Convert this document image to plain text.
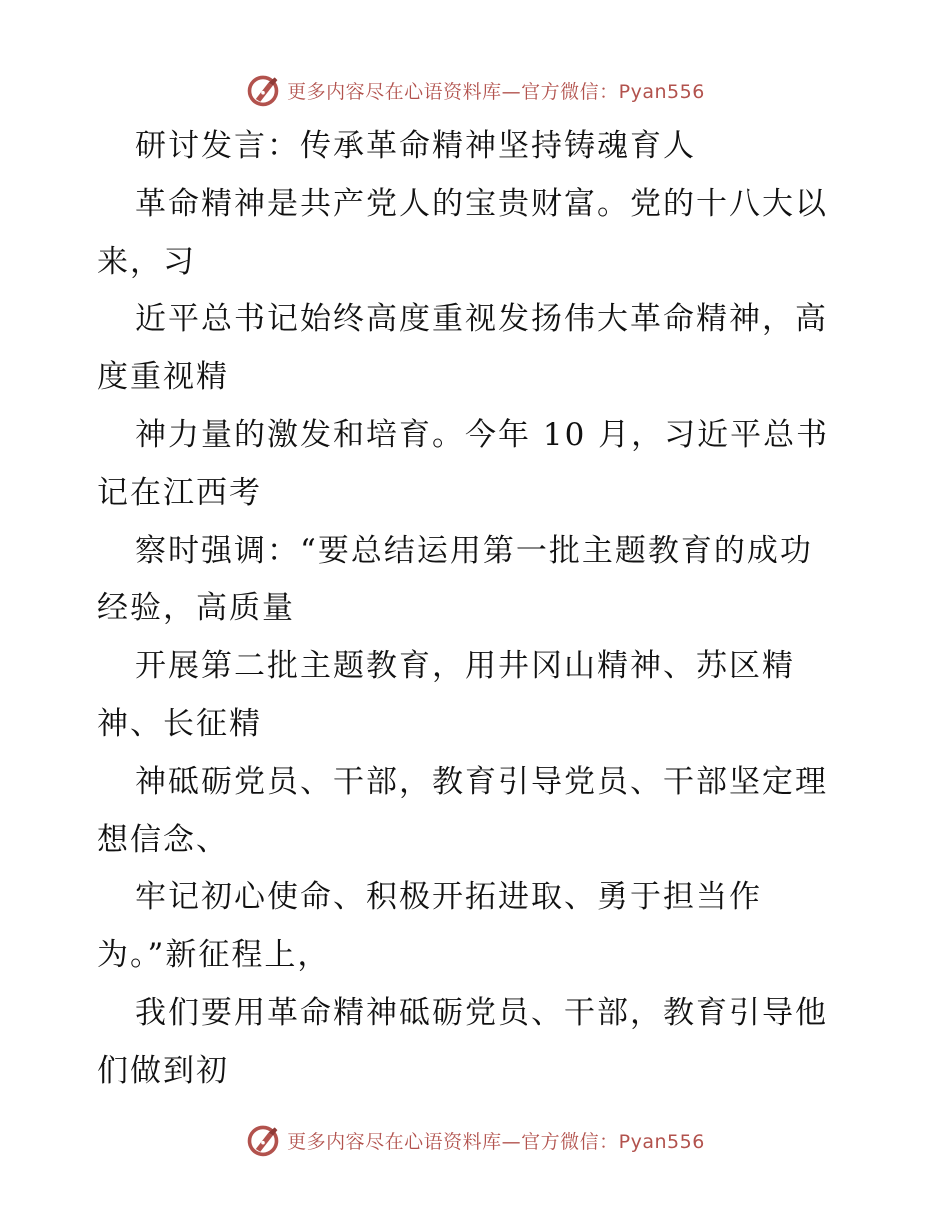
更多内容尽在心语资料库—官方微信：Pyan556
研讨发言：传承革命精神坚持铸魂育人
革命精神是共产党人的宝贵财富。党的十八大以
来，习
近平总书记始终高度重视发扬伟大革命精神，高
度重视精
神力量的激发和培育。今年 10 月，习近平总书
记在江西考
察时强调：“要总结运用第一批主题教育的成功
经验，高质量
开展第二批主题教育，用井冈山精神、苏区精
神、长征精
神砥砺党员、干部，教育引导党员、干部坚定理
想信念、
牢记初心使命、积极开拓进取、勇于担当作
为。”新征程上，
我们要用革命精神砥砺党员、干部，教育引导他
们做到初
更多内容尽在心语资料库—官方微信：Pyan556
